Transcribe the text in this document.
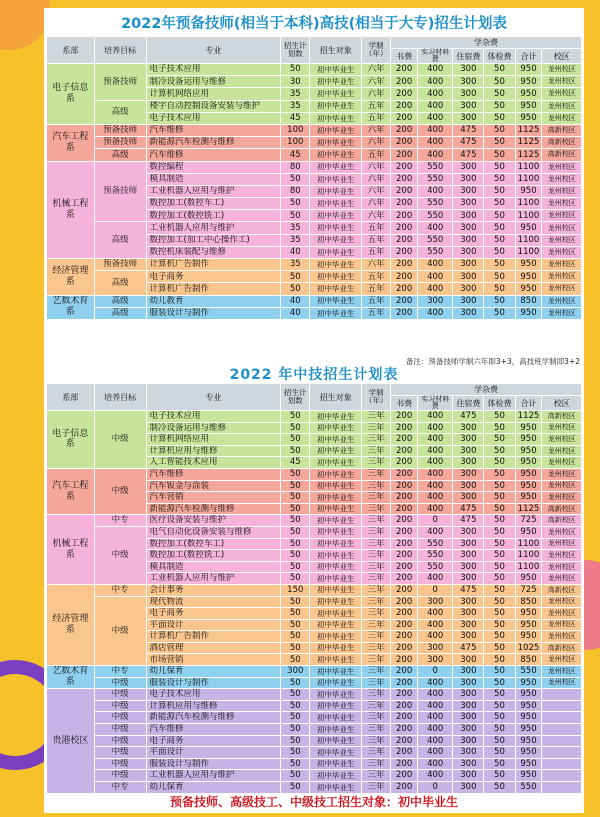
2022年预备技师(相当于本科)高技(相当于大专)招生计划表
系部	培养目标	专业	招生计划数	招生对象	学制（年）	学杂费					
						书费	实习材料费	住宿费	体检费	合计	校区
电子信息系	预备技师	电子技术应用	50	初中毕业生	六年	200	400	300	50	950	龙州校区
		制冷设备运用与维修	30	初中毕业生	六年	200	400	300	50	950	龙州校区
		计算机网络应用	35	初中毕业生	六年	200	400	300	50	950	龙州校区
	高级	楼宇自动控制设备安装与维护	35	初中毕业生	五年	200	400	300	50	950	龙州校区
		电子技术应用	45	初中毕业生	五年	200	400	300	50	950	龙州校区
汽车工程系	预备技师	汽车维修	100	初中毕业生	六年	200	400	475	50	1125	高新校区
	预备技师	新能源汽车检测与维修	100	初中毕业生	六年	200	400	475	50	1125	高新校区
	高级	汽车维修	45	初中毕业生	五年	200	400	475	50	1125	高新校区
机械工程系	预备技师	数控编程	80	初中毕业生	六年	200	550	300	50	1100	龙州校区
		模具制造	50	初中毕业生	六年	200	550	300	50	1100	龙州校区
		工业机器人应用与维护	80	初中毕业生	六年	200	400	300	50	950	龙州校区
		数控加工(数控车工)	50	初中毕业生	六年	200	550	300	50	1100	龙州校区
		数控加工(数控铣工)	50	初中毕业生	六年	200	550	300	50	1100	龙州校区
	高级	工业机器人应用与维护	35	初中毕业生	五年	200	400	300	50	950	龙州校区
		数控加工(加工中心操作工)	35	初中毕业生	五年	200	550	300	50	1100	龙州校区
		数控机床装配与维修	40	初中毕业生	五年	200	550	300	50	1100	龙州校区
经济管理系	预备技师	计算机广告制作	35	初中毕业生	六年	200	400	300	50	950	龙州校区
	高级	电子商务	50	初中毕业生	五年	200	400	300	50	950	龙州校区
		计算机广告制作	50	初中毕业生	五年	200	400	300	50	950	龙州校区
艺数术育系	高级	幼儿教育	40	初中毕业生	五年	200	300	300	50	850	龙州校区
	高级	服装设计与制作	40	初中毕业生	五年	200	400	300	50	950	龙州校区
备注：预备技师学制六年即3+3，高技班学制即3+2
2022 年中技招生计划表
系部	培养目标	专业	招生计划数	招生对象	学制（年）	学杂费					
						书费	实习材料费	住宿费	体检费	合计	校区
电子信息系	中级	电子技术应用	50	初中毕业生	三年	200	400	475	50	1125	高新校区
		制冷设备运用与维修	50	初中毕业生	三年	200	400	300	50	950	龙州校区
		计算机网络应用	50	初中毕业生	三年	200	400	300	50	950	龙州校区
		计算机应用与维修	50	初中毕业生	三年	200	400	300	50	950	龙州校区
		人工智能技术应用	45	初中毕业生	三年	200	400	300	50	950	龙州校区
汽车工程系	中级	汽车维修	50	初中毕业生	三年	200	400	300	50	950	龙州校区
		汽车钣金与涂装	50	初中毕业生	三年	200	400	300	50	950	龙州校区
		汽车营销	50	初中毕业生	三年	200	400	300	50	950	龙州校区
		新能源汽车检测与维修	50	初中毕业生	三年	200	400	475	50	1125	高新校区
机械工程系	中专	医疗设备安装与维护	50	初中毕业生	三年	200	0	475	50	725	高新校区
	中级	电气自动化设备安装与维修	50	初中毕业生	三年	200	400	300	50	950	龙州校区
		数控加工(数控车工)	50	初中毕业生	三年	200	550	300	50	1100	龙州校区
		数控加工(数控铣工)	50	初中毕业生	三年	200	550	300	50	1100	龙州校区
		模具制造	50	初中毕业生	三年	200	550	300	50	1100	龙州校区
		工业机器人应用与维护	50	初中毕业生	三年	200	400	300	50	950	龙州校区
经济管理系	中专	会计事务	150	初中毕业生	三年	200	0	475	50	725	高新校区
	中级	现代物流	50	初中毕业生	三年	200	300	300	50	850	龙州校区
		电子商务	50	初中毕业生	三年	200	400	300	50	950	龙州校区
		平面设计	50	初中毕业生	三年	200	400	300	50	950	龙州校区
		计算机广告制作	50	初中毕业生	三年	200	400	300	50	950	龙州校区
		酒店管理	50	初中毕业生	三年	200	300	475	50	1025	高新校区
		市场营销	50	初中毕业生	三年	200	300	300	50	850	龙州校区
艺数术育系	中专	幼儿保育	300	初中毕业生	三年	200	0	300	50	550	龙州校区
	中级	服装设计与制作	50	初中毕业生	三年	200	400	300	50	950	龙州校区
贵港校区	中级	电子技术应用	50	初中毕业生	三年	200	400	300	50	950	
	中级	计算机应用与维修	50	初中毕业生	三年	200	400	300	50	950	
	中级	新能源汽车检测与维修	50	初中毕业生	三年	200	400	300	50	950	
	中级	汽车维修	50	初中毕业生	三年	200	400	300	50	950	
	中级	电子商务	50	初中毕业生	三年	200	400	300	50	950	
	中级	平面设计	50	初中毕业生	三年	200	400	300	50	950	
	中级	服装设计与制作	50	初中毕业生	三年	200	400	300	50	950	
	中级	工业机器人应用与维护	50	初中毕业生	三年	200	400	300	50	950	
	中专	幼儿保育	50	初中毕业生	三年	200	0	300	50	550	
预备技师、高级技工、中级技工招生对象：初中毕业生
